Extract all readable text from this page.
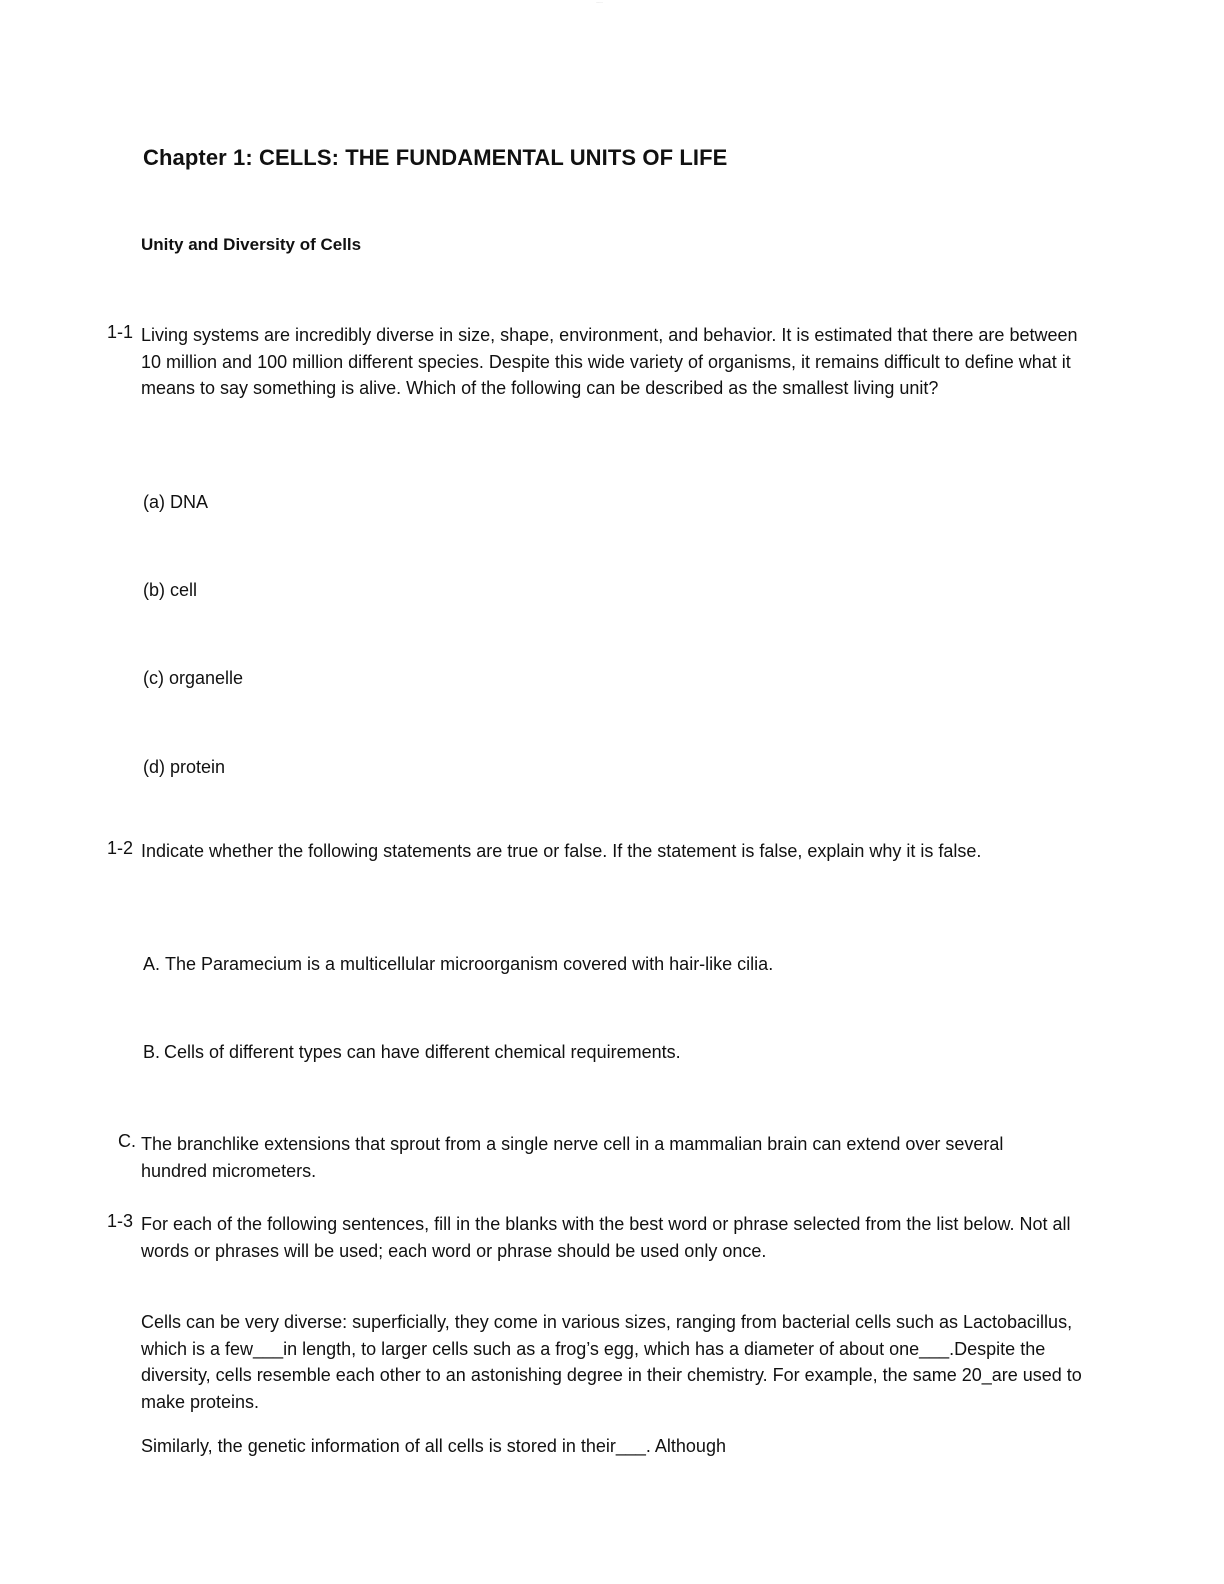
........
Chapter 1: CELLS: THE FUNDAMENTAL UNITS OF LIFE
Unity and Diversity of Cells
1-1 Living systems are incredibly diverse in size, shape, environment, and behavior. It is estimated that there are between 10 million and 100 million different species. Despite this wide variety of organisms, it remains difficult to define what it means to say something is alive. Which of the following can be described as the smallest living unit?

(a) DNA

(b) cell

(c) organelle

(d) protein

1-2 Indicate whether the following statements are true or false. If the statement is false, explain why it is false.

A. The Paramecium is a multicellular microorganism covered with hair-like cilia.
B. Cells of different types can have different chemical requirements.
C. The branchlike extensions that sprout from a single nerve cell in a mammalian brain can extend over several hundred micrometers.

1-3 For each of the following sentences, fill in the blanks with the best word or phrase selected from the list below. Not all words or phrases will be used; each word or phrase should be used only once.

Cells can be very diverse: superficially, they come in various sizes, ranging from bacterial cells such as Lactobacillus, which is a few___in length, to larger cells such as a frog’s egg, which has a diameter of about one___.Despite the diversity, cells resemble each other to an astonishing degree in their chemistry. For example, the same 20_are used to make proteins.

Similarly, the genetic information of all cells is stored in their___. Although
